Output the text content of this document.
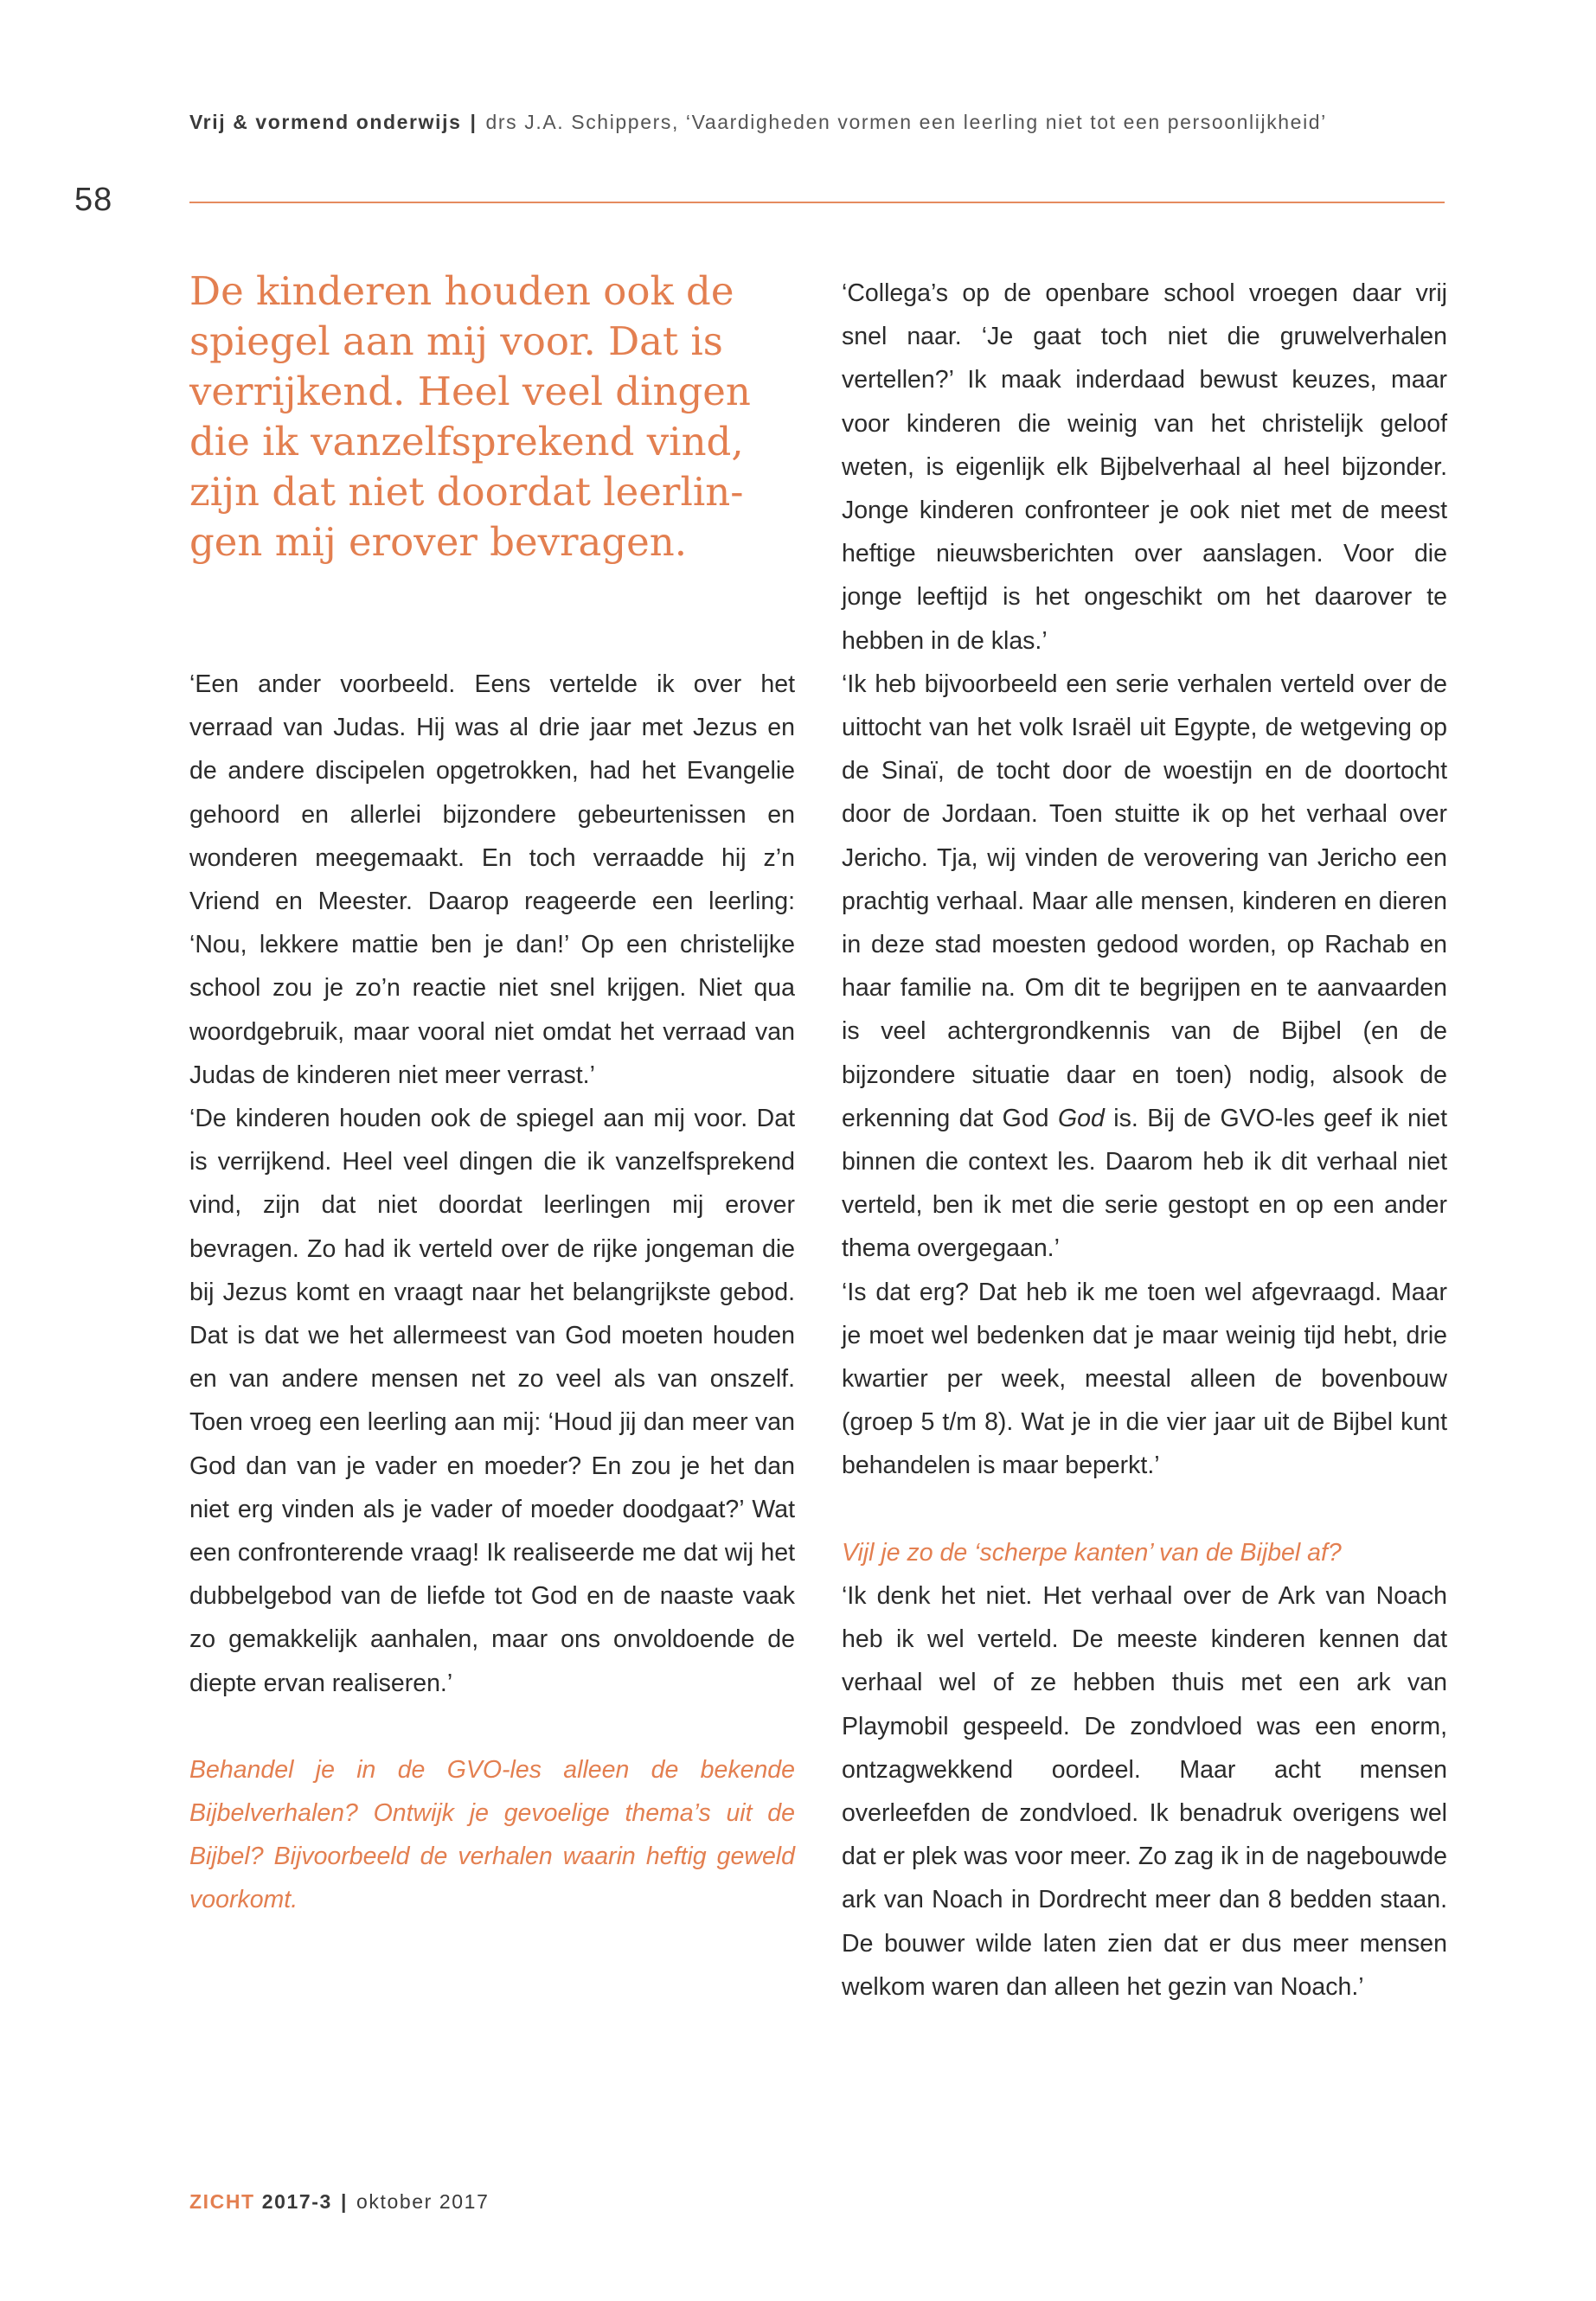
Vrij & vormend onderwijs | drs J.A. Schippers, ‘Vaardigheden vormen een leerling niet tot een persoonlijkheid’
58
De kinderen houden ook de
spiegel aan mij voor. Dat is
verrijkend. Heel veel dingen
die ik vanzelfsprekend vind,
zijn dat niet doordat leerlin-
gen mij erover bevragen.

‘Een ander voorbeeld. Eens vertelde ik over het verraad van Judas. Hij was al drie jaar met Jezus en de andere discipelen opgetrokken, had het Evangelie gehoord en allerlei bijzondere gebeurtenissen en wonderen meegemaakt. En toch verraadde hij z’n Vriend en Meester. Daarop reageerde een leerling: ‘Nou, lekkere mattie ben je dan!’ Op een christelijke school zou je zo’n reactie niet snel krijgen. Niet qua woordgebruik, maar vooral niet omdat het verraad van Judas de kinderen niet meer verrast.’

‘De kinderen houden ook de spiegel aan mij voor. Dat is verrijkend. Heel veel dingen die ik vanzelfsprekend vind, zijn dat niet doordat leerlingen mij erover bevragen. Zo had ik verteld over de rijke jongeman die bij Jezus komt en vraagt naar het belangrijkste gebod. Dat is dat we het allermeest van God moeten houden en van andere mensen net zo veel als van onszelf. Toen vroeg een leerling aan mij: ‘Houd jij dan meer van God dan van je vader en moeder? En zou je het dan niet erg vinden als je vader of moeder doodgaat?’ Wat een confronterende vraag! Ik realiseerde me dat wij het dubbelgebod van de liefde tot God en de naaste vaak zo gemakkelijk aanhalen, maar ons onvoldoende de diepte ervan realiseren.’

Behandel je in de GVO-les alleen de bekende Bijbelverhalen? Ontwijk je gevoelige thema’s uit de Bijbel? Bijvoorbeeld de verhalen waarin heftig geweld voorkomt.

‘Collega’s op de openbare school vroegen daar vrij snel naar. ‘Je gaat toch niet die gruwelverhalen vertellen?’ Ik maak inderdaad bewust keuzes, maar voor kinderen die weinig van het christelijk geloof weten, is eigenlijk elk Bijbelverhaal al heel bijzonder. Jonge kinderen confronteer je ook niet met de meest heftige nieuwsberichten over aanslagen. Voor die jonge leeftijd is het ongeschikt om het daarover te hebben in de klas.’

‘Ik heb bijvoorbeeld een serie verhalen verteld over de uittocht van het volk Israël uit Egypte, de wetgeving op de Sinaï, de tocht door de woestijn en de doortocht door de Jordaan. Toen stuitte ik op het verhaal over Jericho. Tja, wij vinden de verovering van Jericho een prachtig verhaal. Maar alle mensen, kinderen en dieren in deze stad moesten gedood worden, op Rachab en haar familie na. Om dit te begrijpen en te aanvaarden is veel achtergrondkennis van de Bijbel (en de bijzondere situatie daar en toen) nodig, alsook de erkenning dat God God is. Bij de GVO-les geef ik niet binnen die context les. Daarom heb ik dit verhaal niet verteld, ben ik met die serie gestopt en op een ander thema overgegaan.’

‘Is dat erg? Dat heb ik me toen wel afgevraagd. Maar je moet wel bedenken dat je maar weinig tijd hebt, drie kwartier per week, meestal alleen de bovenbouw (groep 5 t/m 8). Wat je in die vier jaar uit de Bijbel kunt behandelen is maar beperkt.’

Vijl je zo de ‘scherpe kanten’ van de Bijbel af?

‘Ik denk het niet. Het verhaal over de Ark van Noach heb ik wel verteld. De meeste kinderen kennen dat verhaal wel of ze hebben thuis met een ark van Playmobil gespeeld. De zondvloed was een enorm, ontzagwekkend oordeel. Maar acht mensen overleefden de zondvloed. Ik benadruk overigens wel dat er plek was voor meer. Zo zag ik in de nagebouwde ark van Noach in Dordrecht meer dan 8 bedden staan. De bouwer wilde laten zien dat er dus meer mensen welkom waren dan alleen het gezin van Noach.’

ZICHT 2017-3 | oktober 2017
